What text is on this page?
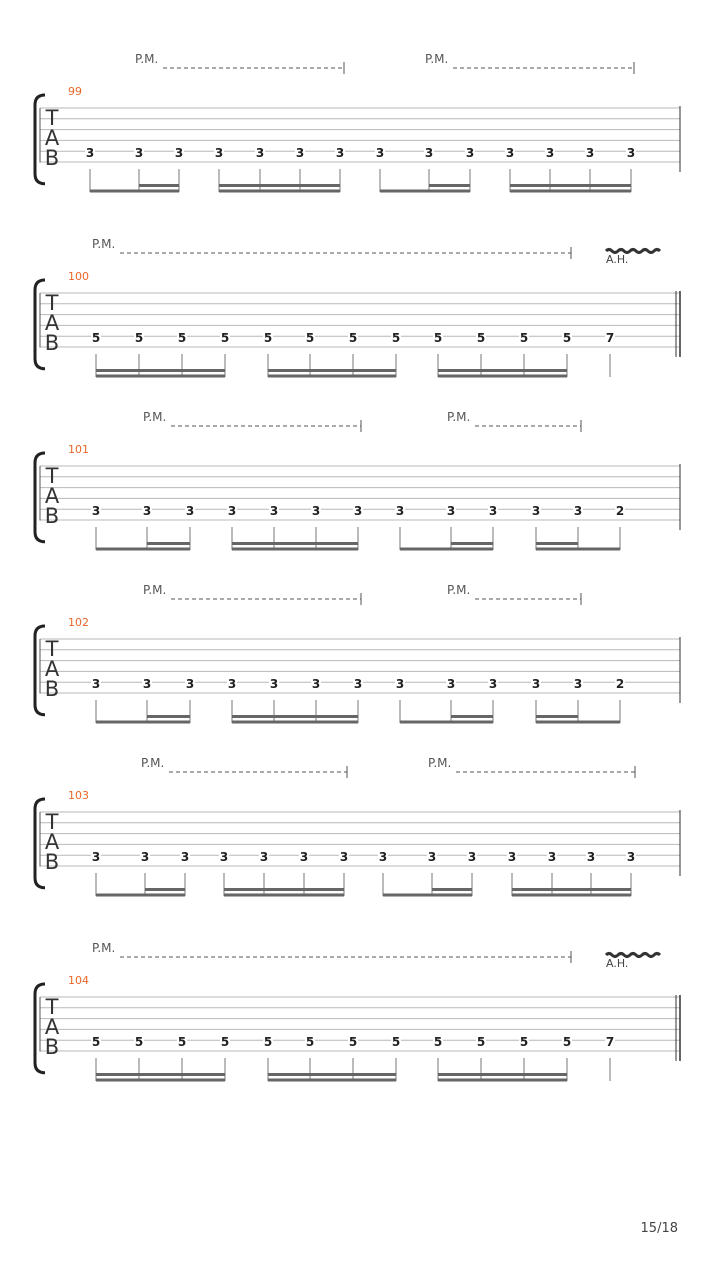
T
A
B
99
P.M.	P.M.
3	3	3	3	3	3	3	3	3	3	3	3	3	3
T
A
B
100
P.M.
A.H.
5	5	5	5	5	5	5	5	5	5	5	5	7
T
A
B
101
P.M.	P.M.
3	3	3	3	3	3	3	3	3	3	3	3	2
T
A
B
102
P.M.	P.M.
3	3	3	3	3	3	3	3	3	3	3	3	2
T
A
B
103
P.M.	P.M.
3	3	3	3	3	3	3	3	3	3	3	3	3	3
T
A
B
104
P.M.
A.H.
5	5	5	5	5	5	5	5	5	5	5	5	7
15/18
